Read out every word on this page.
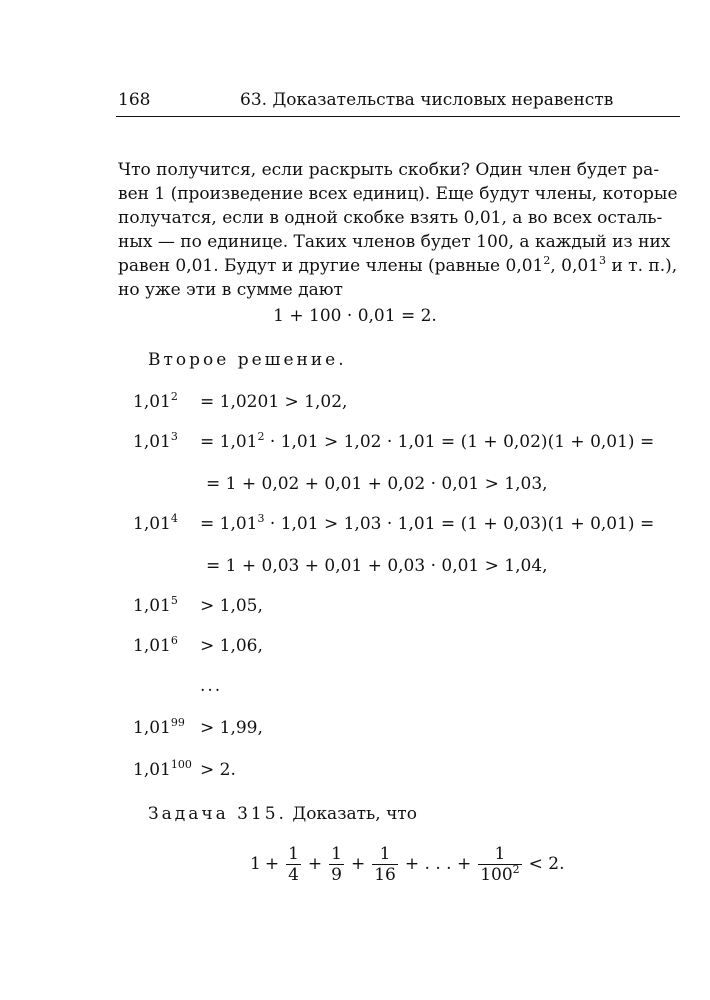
168	63. Доказательства числовых неравенств

Что получится, если раскрыть скобки? Один член будет ра-
вен 1 (произведение всех единиц). Еще будут члены, которые
получатся, если в одной скобке взять 0,01, а во всех осталь-
ных — по единице. Таких членов будет 100, а каждый из них
равен 0,01. Будут и другие члены (равные 0,01$^2$, 0,01$^3$ и т. п.),
но уже эти в сумме дают

1 + 100 · 0,01 = 2.
Второе решение.
$1,01^2 = 1,0201 > 1,02$,
$1,01^3 = 1,01^2 \cdot 1,01 > 1,02 \cdot 1,01 = (1 + 0,02)(1 + 0,01)$ =
= 1 + 0,02 + 0,01 + 0,02 · 0,01 > 1,03,
$1,01^4 = 1,01^3 \cdot 1,01 > 1,03 \cdot 1,01 = (1 + 0,03)(1 + 0,01)$ =
= 1 + 0,03 + 0,01 + 0,03 · 0,01 > 1,04,
$1,01^5 > 1,05$,
$1,01^6 > 1,06$,
...
$1,01^{99} > 1,99$,
$1,01^{100} > 2$.
Задача 315. Доказать, что
$1 + \frac{1}{4} + \frac{1}{9} + \frac{1}{16}$ + . . . + $\frac{1}{100^2} < 2$.
